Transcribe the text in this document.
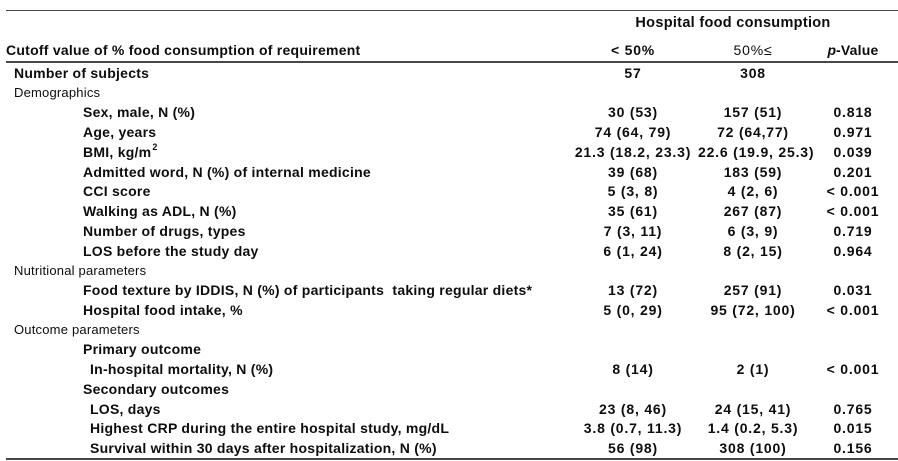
	Hospital food consumption		
Cutoff value of % food consumption of requirement	< 50%	50%≤	p-Value
Number of subjects	57	308	
Demographics			
Sex, male, N (%)	30 (53)	157 (51)	0.818
Age, years	74 (64, 79)	72 (64,77)	0.971
BMI, $kg/m^2$	21.3 (18.2, 23.3)	22.6 (19.9, 25.3)	0.039
Admitted word, N (%) of internal medicine	39 (68)	183 (59)	0.201
CCI score	5 (3, 8)	4 (2, 6)	< 0.001
Walking as ADL, N (%)	35 (61)	267 (87)	< 0.001
Number of drugs, types	7 (3, 11)	6 (3, 9)	0.719
LOS before the study day	6 (1, 24)	8 (2, 15)	0.964
Nutritional parameters			
Food texture by IDDIS, N (%) of participants  taking regular diets*	13 (72)	257 (91)	0.031
Hospital food intake, %	5 (0, 29)	95 (72, 100)	< 0.001
Outcome parameters			
Primary outcome			
In-hospital mortality, N (%)	8 (14)	2 (1)	< 0.001
Secondary outcomes			
LOS, days	23 (8, 46)	24 (15, 41)	0.765
Highest CRP during the entire hospital study, mg/dL	3.8 (0.7, 11.3)	1.4 (0.2, 5.3)	0.015
Survival within 30 days after hospitalization, N (%)	56 (98)	308 (100)	0.156
